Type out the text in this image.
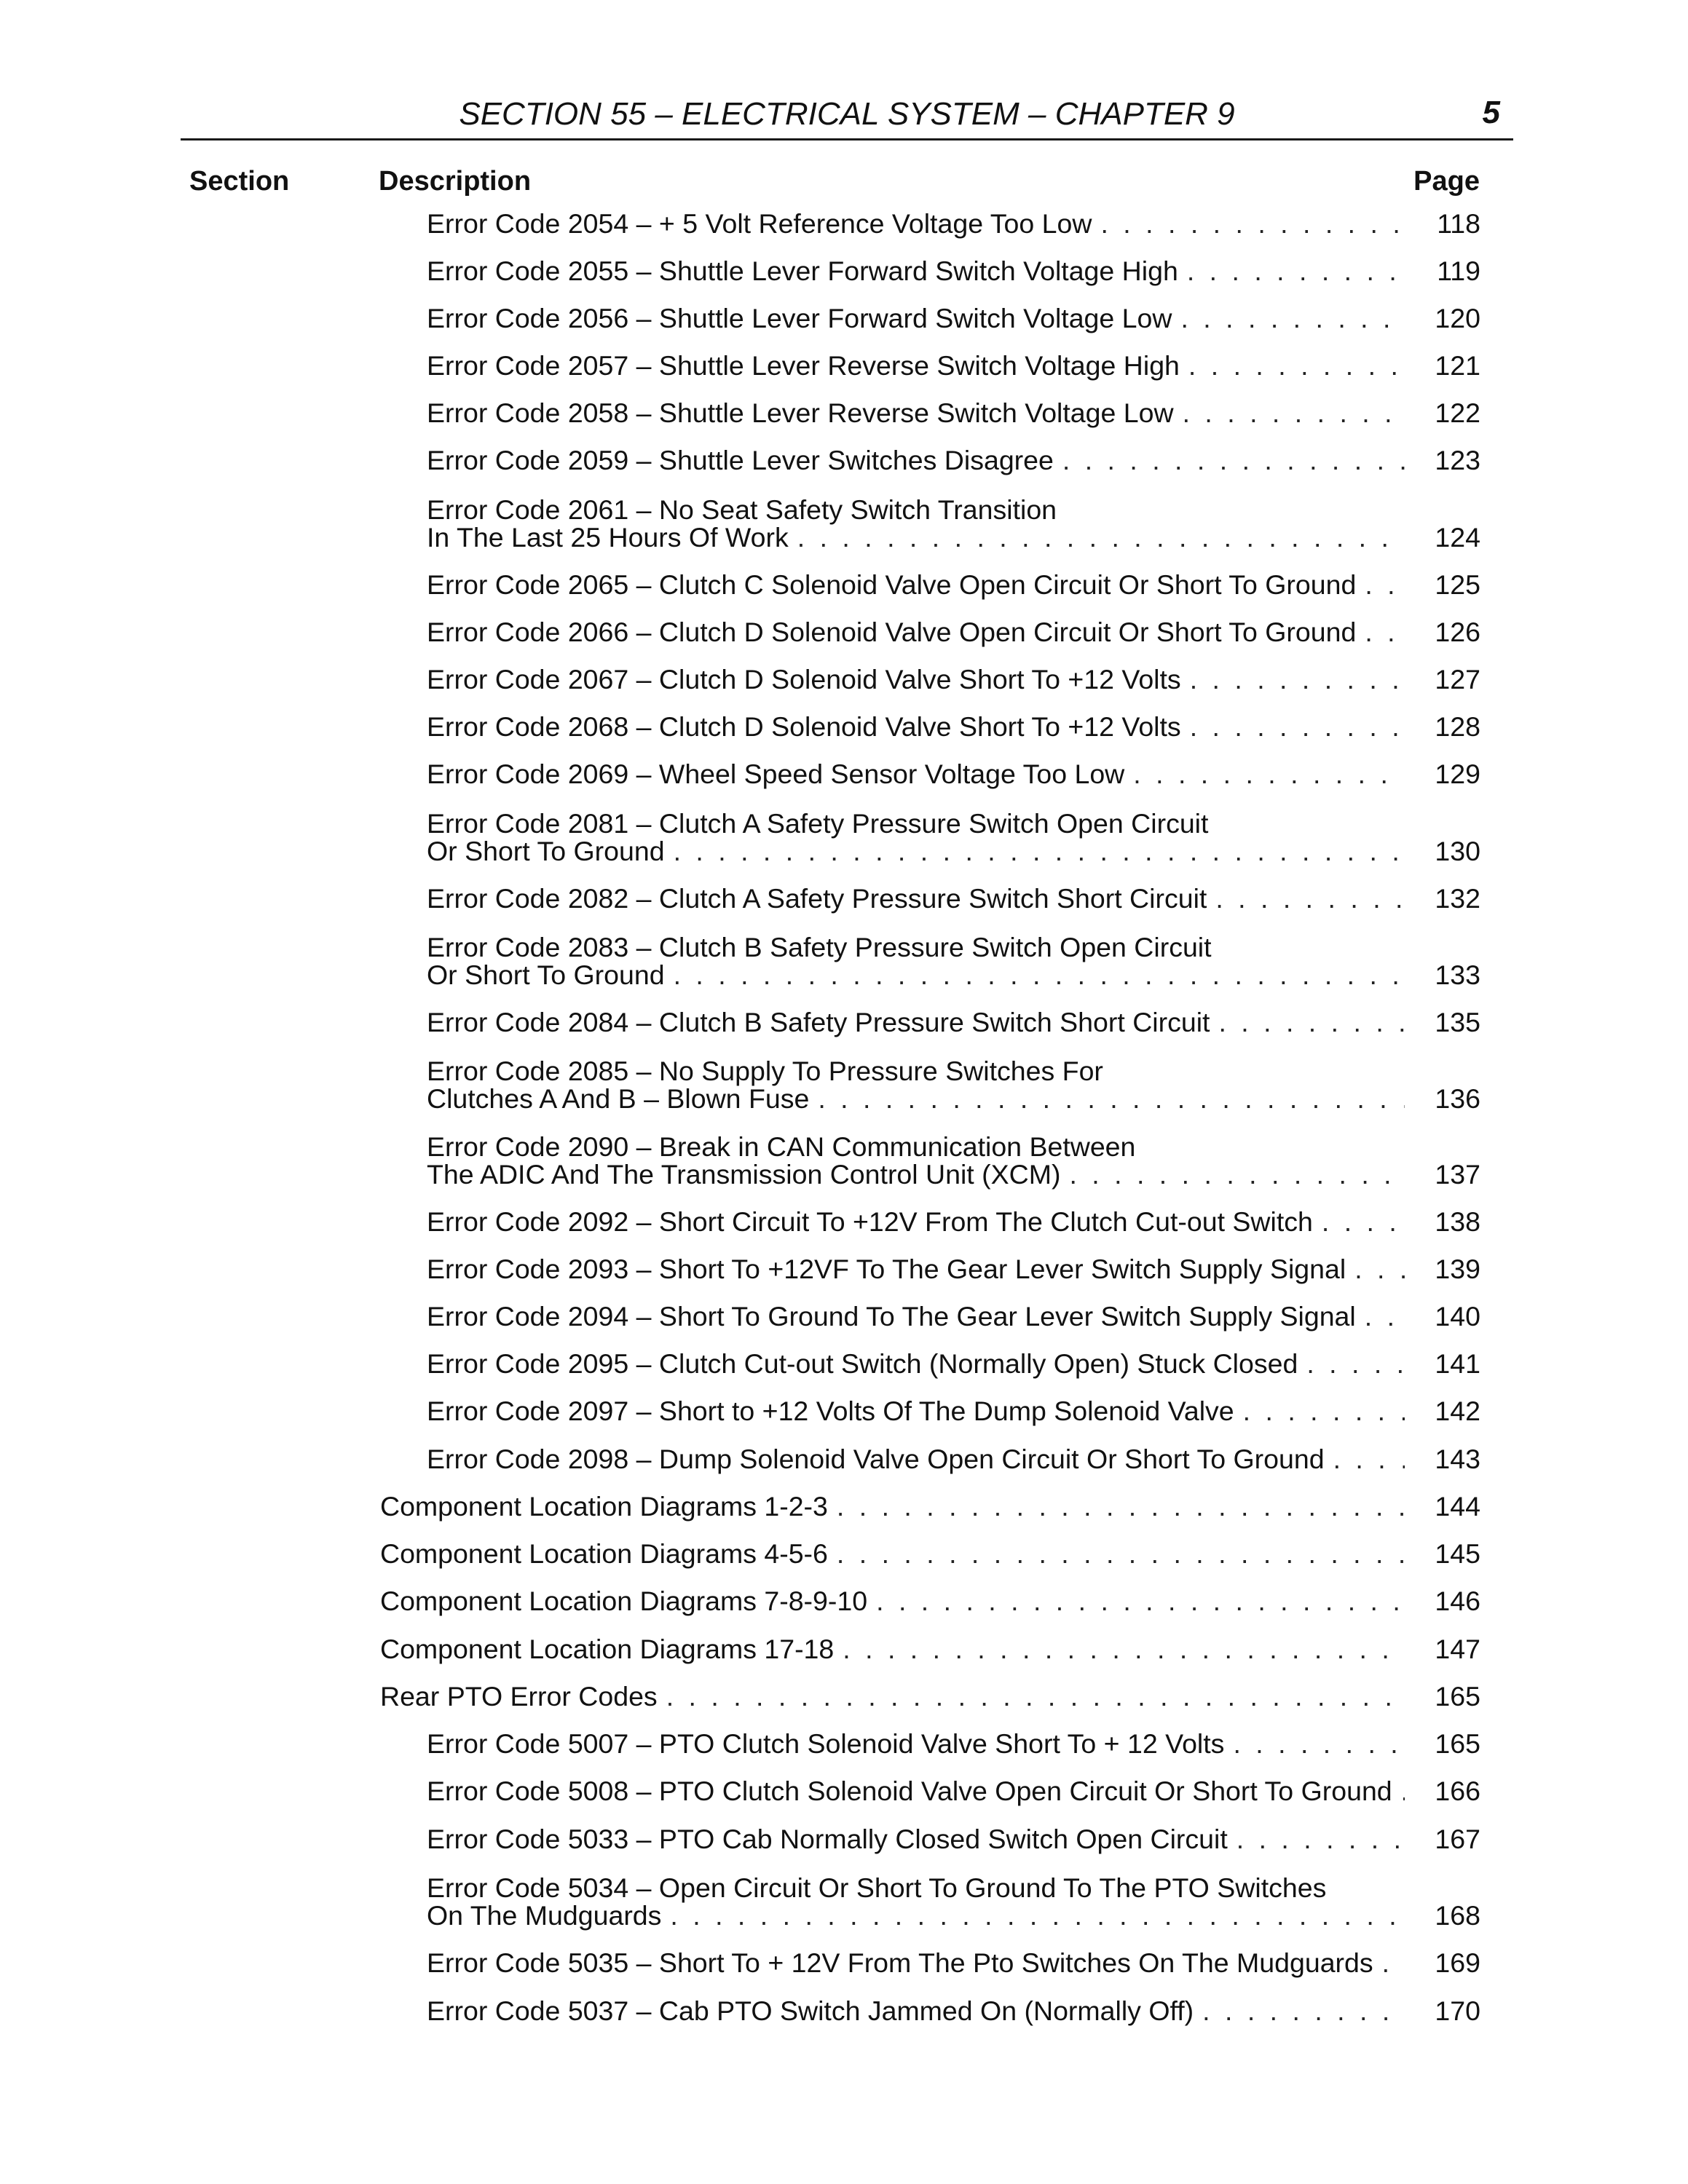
SECTION 55 – ELECTRICAL SYSTEM – CHAPTER 9	5
Section	Description	Page
Error Code 2054 – + 5 Volt Reference Voltage Too Low . . .	118
Error Code 2055 – Shuttle Lever Forward Switch Voltage High . . .	119
Error Code 2056 – Shuttle Lever Forward Switch Voltage Low . . .	120
Error Code 2057 – Shuttle Lever Reverse Switch Voltage High . . .	121
Error Code 2058 – Shuttle Lever Reverse Switch Voltage Low . . .	122
Error Code 2059 – Shuttle Lever Switches Disagree . . .	123
Error Code 2061 – No Seat Safety Switch Transition
In The Last 25 Hours Of Work . . .	124
Error Code 2065 – Clutch C Solenoid Valve Open Circuit Or Short To Ground . . .	125
Error Code 2066 – Clutch D Solenoid Valve Open Circuit Or Short To Ground . . .	126
Error Code 2067 – Clutch D Solenoid Valve Short To +12 Volts . . .	127
Error Code 2068 – Clutch D Solenoid Valve Short To +12 Volts . . .	128
Error Code 2069 – Wheel Speed Sensor Voltage Too Low . . .	129
Error Code 2081 – Clutch A Safety Pressure Switch Open Circuit
Or Short To Ground . . .	130
Error Code 2082 – Clutch A Safety Pressure Switch Short Circuit . . .	132
Error Code 2083 – Clutch B Safety Pressure Switch Open Circuit
Or Short To Ground . . .	133
Error Code 2084 – Clutch B Safety Pressure Switch Short Circuit . . .	135
Error Code 2085 – No Supply To Pressure Switches For
Clutches A And B – Blown Fuse . . .	136
Error Code 2090 – Break in CAN Communication Between
The ADIC And The Transmission Control Unit (XCM) . . .	137
Error Code 2092 – Short Circuit To +12V From The Clutch Cut-out Switch . . .	138
Error Code 2093 – Short To +12VF To The Gear Lever Switch Supply Signal . . .	139
Error Code 2094 – Short To Ground To The Gear Lever Switch Supply Signal . . .	140
Error Code 2095 – Clutch Cut-out Switch (Normally Open) Stuck Closed . . .	141
Error Code 2097 – Short to +12 Volts Of The Dump Solenoid Valve . . .	142
Error Code 2098 – Dump Solenoid Valve Open Circuit Or Short To Ground . . .	143
Component Location Diagrams 1-2-3 . . .	144
Component Location Diagrams 4-5-6 . . .	145
Component Location Diagrams 7-8-9-10 . . .	146
Component Location Diagrams 17-18 . . .	147
Rear PTO Error Codes . . .	165
Error Code 5007 – PTO Clutch Solenoid Valve Short To + 12 Volts . . .	165
Error Code 5008 – PTO Clutch Solenoid Valve Open Circuit Or Short To Ground . . .	166
Error Code 5033 – PTO Cab Normally Closed Switch Open Circuit . . .	167
Error Code 5034 – Open Circuit Or Short To Ground To The PTO Switches
On The Mudguards . . .	168
Error Code 5035 – Short To + 12V From The Pto Switches On The Mudguards . . .	169
Error Code 5037 – Cab PTO Switch Jammed On (Normally Off) . . .	170
